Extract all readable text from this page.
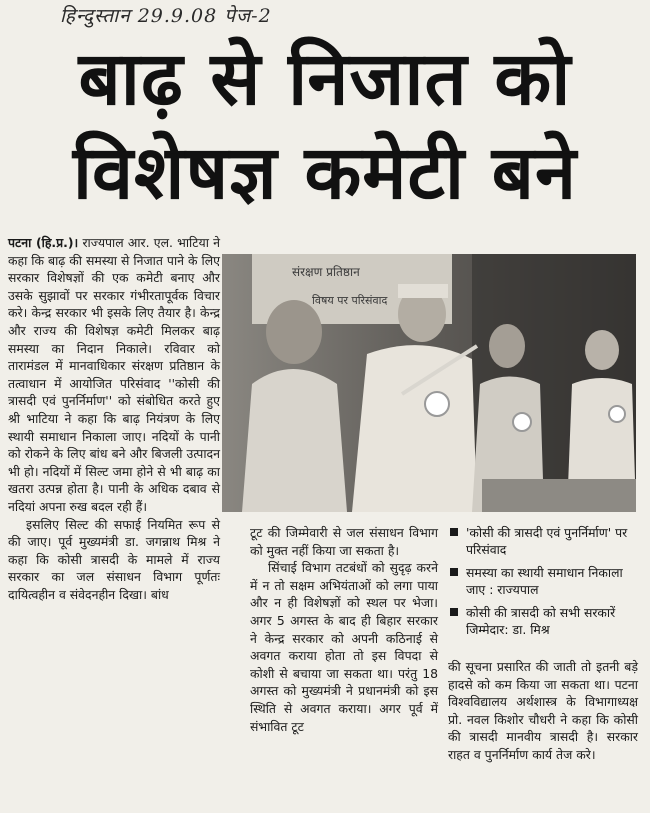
हिन्दुस्तान 29.9.08 पेज-2
बाढ़ से निजात को
विशेषज्ञ कमेटी बने

पटना (हि.प्र.)। राज्यपाल आर. एल. भाटिया ने कहा कि बाढ़ की समस्या से निजात पाने के लिए सरकार विशेषज्ञों की एक कमेटी बनाए और उसके सुझावों पर सरकार गंभीरतापूर्वक विचार करे। केन्द्र सरकार भी इसके लिए तैयार है। केन्द्र और राज्य की विशेषज्ञ कमेटी मिलकर बाढ़ समस्या का निदान निकाले। रविवार को तारामंडल में मानवाधिकार संरक्षण प्रतिष्ठान के तत्वाधान में आयोजित परिसंवाद ''कोसी की त्रासदी एवं पुनर्निर्माण'' को संबोधित करते हुए श्री भाटिया ने कहा कि बाढ़ नियंत्रण के लिए स्थायी समाधान निकाला जाए। नदियों के पानी को रोकने के लिए बांध बने और बिजली उत्पादन भी हो। नदियों में सिल्ट जमा होने से भी बाढ़ का खतरा उत्पन्न होता है। पानी के अधिक दबाव से नदियां अपना रुख बदल रही हैं।

इसलिए सिल्ट की सफाई नियमित रूप से की जाए। पूर्व मुख्यमंत्री डा. जगन्नाथ मिश्र ने कहा कि कोसी त्रासदी के मामले में राज्य सरकार का जल संसाधन विभाग पूर्णतः दायित्वहीन व संवेदनहीन दिखा। बांध

संरक्षण प्रतिष्ठान
विषय पर परिसंवाद
'कोसी की त्रासदी एवं पुनर्निर्माण' पर परिसंवाद
समस्या का स्थायी समाधान निकाला जाए : राज्यपाल
कोसी की त्रासदी को सभी सरकारें जिम्मेदार: डा. मिश्र

टूट की जिम्मेवारी से जल संसाधन विभाग को मुक्त नहीं किया जा सकता है।

सिंचाई विभाग तटबंधों को सुदृढ़ करने में न तो सक्षम अभियंताओं को लगा पाया और न ही विशेषज्ञों को स्थल पर भेजा। अगर 5 अगस्त के बाद ही बिहार सरकार ने केन्द्र सरकार को अपनी कठिनाई से अवगत कराया होता तो इस विपदा से कोशी से बचाया जा सकता था। परंतु 18 अगस्त को मुख्यमंत्री ने प्रधानमंत्री को इस स्थिति से अवगत कराया। अगर पूर्व में संभावित टूट

की सूचना प्रसारित की जाती तो इतनी बड़े हादसे को कम किया जा सकता था। पटना विश्वविद्यालय अर्थशास्त्र के विभागाध्यक्ष प्रो. नवल किशोर चौधरी ने कहा कि कोसी की त्रासदी मानवीय त्रासदी है। सरकार राहत व पुनर्निर्माण कार्य तेज करे।
